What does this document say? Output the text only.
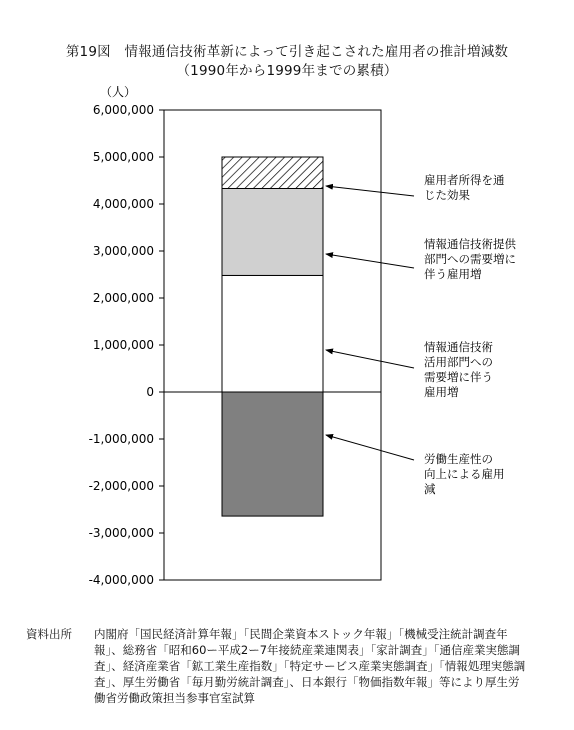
第19図　情報通信技術革新によって引き起こされた雇用者の推計増減数
（1990年から1999年までの累積）
（人）
6,000,000
5,000,000
4,000,000
3,000,000
2,000,000
1,000,000
0
-1,000,000
-2,000,000
-3,000,000
-4,000,000
労働生産性の
向上による雇用
減
情報通信技術
活用部門への
需要増に伴う
雇用増
情報通信技術提供
部門への需要増に
伴う雇用増
雇用者所得を通
じた効果
資料出所 内閣府「国民経済計算年報」「民間企業資本ストック年報」「機械受注統計調査年報」、総務省「昭和60ー平成2ー7年接続産業連関表」「家計調査」「通信産業実態調査」、経済産業省「鉱工業生産指数」「特定サービス産業実態調査」「情報処理実態調査」、厚生労働省「毎月勤労統計調査」、日本銀行「物価指数年報」等により厚生労働省労働政策担当参事官室試算
